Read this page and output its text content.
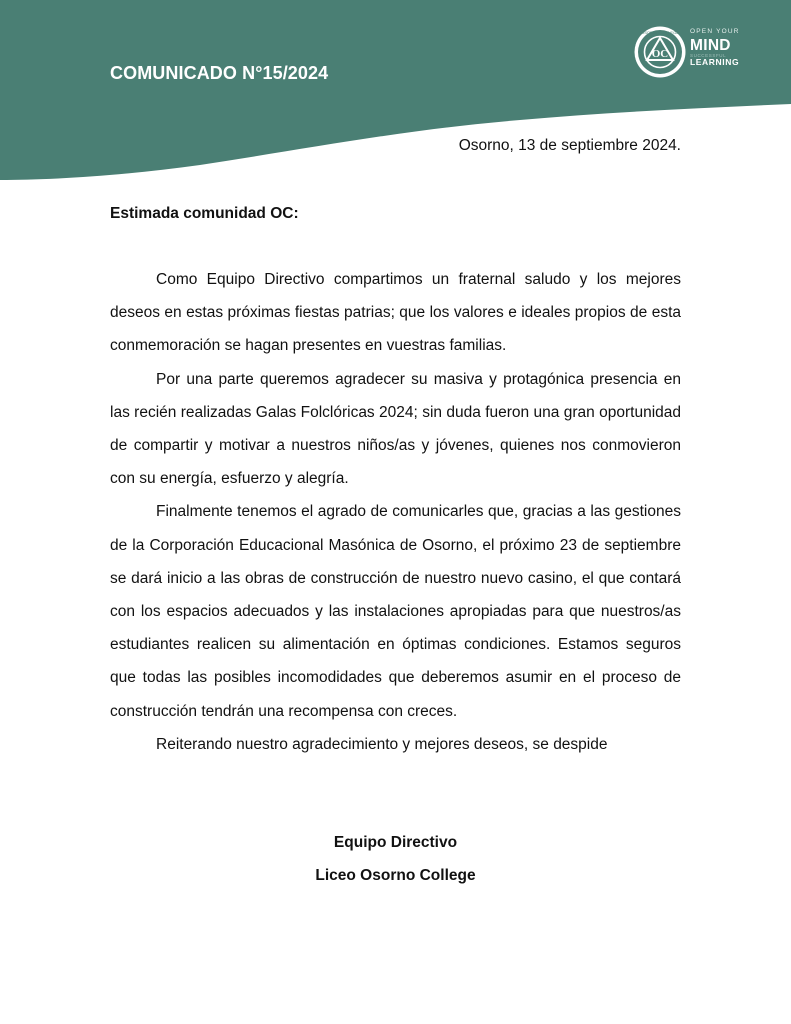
COMUNICADO N°15/2024
OC
OSORNO COLLEGE OPEN YOUR
MIND
SUCCESSFUL
LEARNING
Osorno, 13 de septiembre 2024.
Estimada comunidad OC:

Como Equipo Directivo compartimos un fraternal saludo y los mejores deseos en estas próximas fiestas patrias; que los valores e ideales propios de esta conmemoración se hagan presentes en vuestras familias.

Por una parte queremos agradecer su masiva y protagónica presencia en las recién realizadas Galas Folclóricas 2024; sin duda fueron una gran oportunidad de compartir y motivar a nuestros niños/as y jóvenes, quienes nos conmovieron con su energía, esfuerzo y alegría.

Finalmente tenemos el agrado de comunicarles que, gracias a las gestiones de la Corporación Educacional Masónica de Osorno, el próximo 23 de septiembre se dará inicio a las obras de construcción de nuestro nuevo casino, el que contará con los espacios adecuados y las instalaciones apropiadas para que nuestros/as estudiantes realicen su alimentación en óptimas condiciones. Estamos seguros que todas las posibles incomodidades que deberemos asumir en el proceso de construcción tendrán una recompensa con creces.

Reiterando nuestro agradecimiento y mejores deseos, se despide

Equipo Directivo
Liceo Osorno College
